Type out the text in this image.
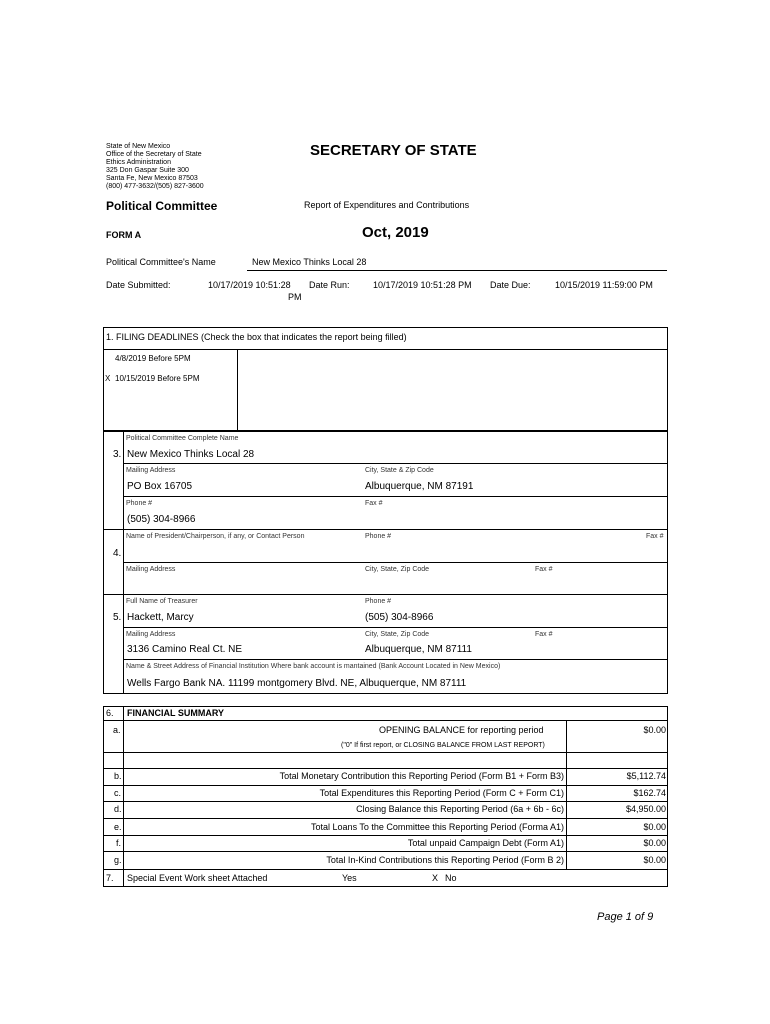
State of New Mexico
Office of the Secretary of State
Ethics Administration
325 Don Gaspar Suite 300
Santa Fe, New Mexico 87503
(800) 477-3632/(505) 827-3600
SECRETARY OF STATE
Political Committee	Report of Expenditures and Contributions
FORM A	Oct, 2019
Political Committee's Name	New Mexico Thinks Local 28
Date Submitted:	10/17/2019 10:51:28
PM
Date Run:	10/17/2019 10:51:28 PM Date Due:	10/15/2019 11:59:00 PM
1. FILING DEADLINES (Check the box that indicates the report being filled)
4/8/2019 Before 5PM
X 10/15/2019 Before 5PM
Political Committee Complete Name
3. New Mexico Thinks Local 28
Mailing Address	City, State & Zip Code
PO Box 16705	Albuquerque, NM 87191
Phone #	Fax #
(505) 304-8966
Name of President/Chairperson, if any, or Contact Person	Phone #	Fax #
4.
Mailing Address	City, State, Zip Code	Fax #
Full Name of Treasurer	Phone #
5. Hackett, Marcy	(505) 304-8966
Mailing Address	City, State, Zip Code	Fax #
3136 Camino Real Ct. NE	Albuquerque, NM 87111
Name & Street Address of Financial Institution Where bank account is mantained (Bank Account Located in New Mexico)
Wells Fargo Bank NA. 11199 montgomery Blvd. NE, Albuquerque, NM 87111
6. FINANCIAL SUMMARY
a.	OPENING BALANCE for reporting period	$0.00
("0" If first report, or CLOSING BALANCE FROM LAST REPORT)
b.	Total Monetary Contribution this Reporting Period (Form B1 + Form B3)	$5,112.74
c.	Total Expenditures this Reporting Period (Form C + Form C1)	$162.74
d.	Closing Balance this Reporting Period (6a + 6b - 6c)	$4,950.00
e.	Total Loans To the Committee this Reporting Period (Forma A1)	$0.00
f.	Total unpaid Campaign Debt (Form A1)	$0.00
g.	Total In-Kind Contributions this Reporting Period (Form B 2)	$0.00
7. Special Event Work sheet Attached	Yes	X No
Page 1 of 9
